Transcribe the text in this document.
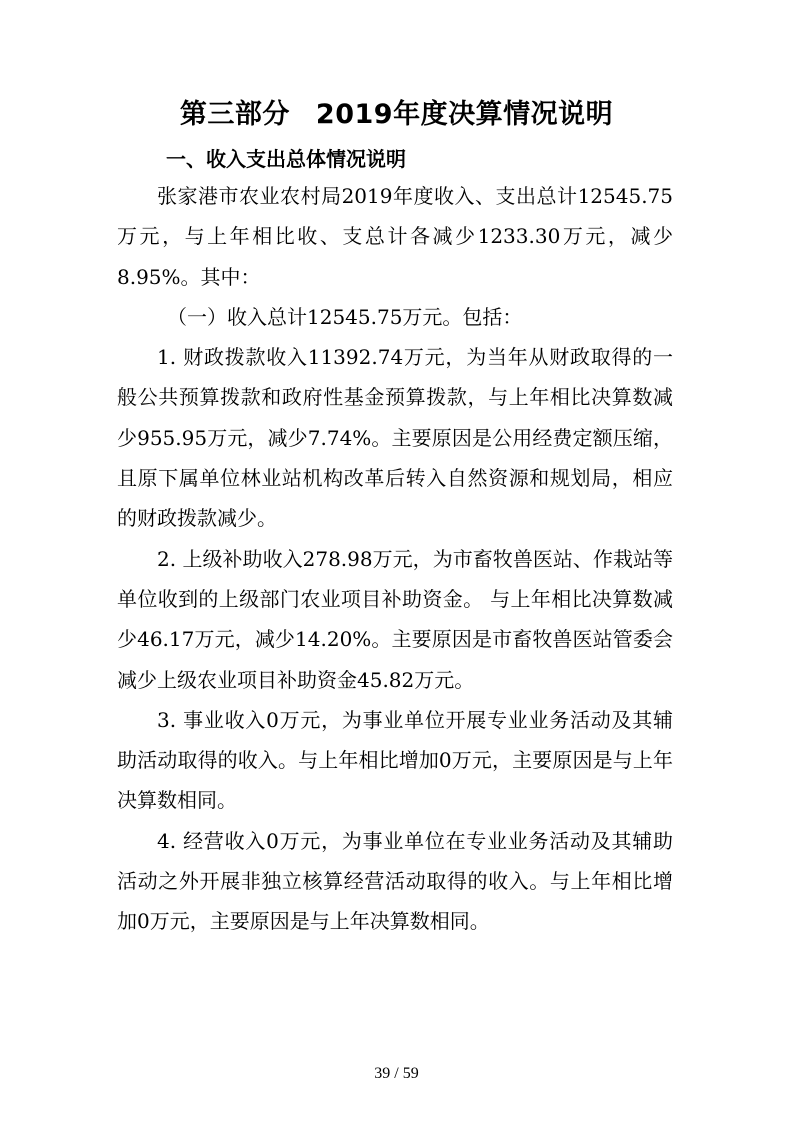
第三部分 2019年度决算情况说明
一、收入支出总体情况说明

张家港市农业农村局2019年度收入、支出总计12545.75万元，与上年相比收、支总计各减少1233.30万元，减少8.95%。其中：

（一）收入总计12545.75万元。包括：

1. 财政拨款收入11392.74万元，为当年从财政取得的一般公共预算拨款和政府性基金预算拨款，与上年相比决算数减少955.95万元，减少7.74%。主要原因是公用经费定额压缩，且原下属单位林业站机构改革后转入自然资源和规划局，相应的财政拨款减少。

2. 上级补助收入278.98万元，为市畜牧兽医站、作栽站等单位收到的上级部门农业项目补助资金。 与上年相比决算数减少46.17万元，减少14.20%。主要原因是市畜牧兽医站管委会减少上级农业项目补助资金45.82万元。

3. 事业收入0万元，为事业单位开展专业业务活动及其辅助活动取得的收入。与上年相比增加0万元，主要原因是与上年决算数相同。

4. 经营收入0万元，为事业单位在专业业务活动及其辅助活动之外开展非独立核算经营活动取得的收入。与上年相比增加0万元，主要原因是与上年决算数相同。

39 / 59
